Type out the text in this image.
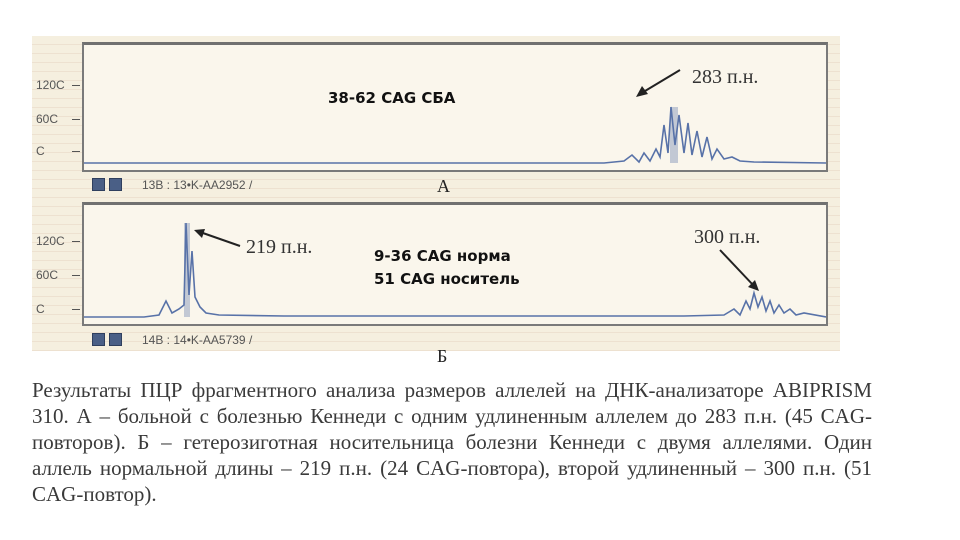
120C
60C
C
13B : 13•K-AA2952 /	А
120C
60C
C
14B : 14•K-AA5739 /
Б
283 п.н.
219 п.н.	300 п.н.
38-62 CAG СБА
9-36 CAG норма
51 CAG носитель
Результаты ПЦР фрагментного анализа размеров аллелей на ДНК-анализаторе ABIPRISM 310. А – больной с болезнью Кеннеди с одним удлиненным аллелем до 283 п.н. (45 CAG-повторов). Б – гетерозиготная носительница болезни Кеннеди с двумя аллелями. Один аллель нормальной длины – 219 п.н. (24 CAG-повтора), второй удлиненный – 300 п.н. (51 CAG-повтор).
